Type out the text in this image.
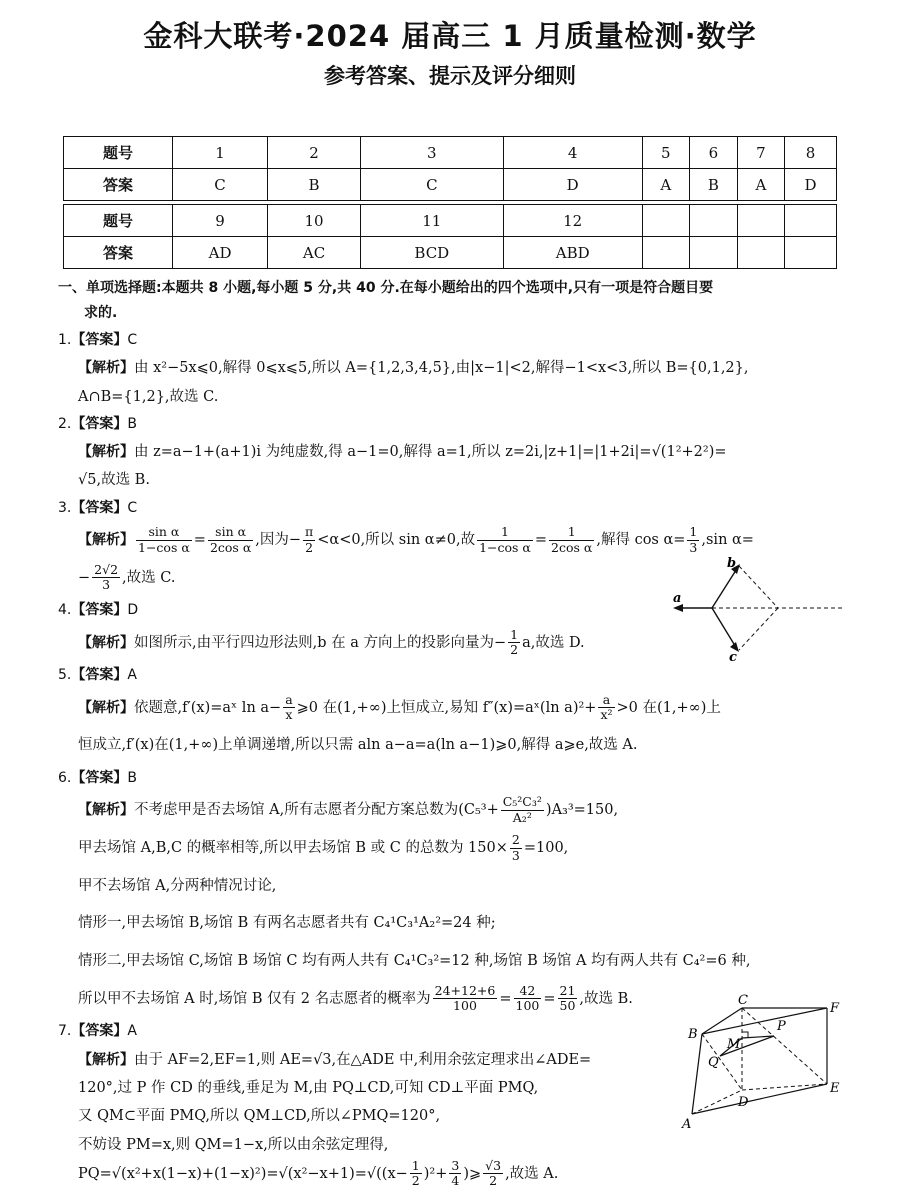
金科大联考·2024 届高三 1 月质量检测·数学
参考答案、提示及评分细则
题号	1	2	3	4	5	6	7	8
答案	C	B	C	D	A	B	A	D

题号	9	10	11	12				
答案	AD	AC	BCD	ABD				
一、单项选择题:本题共 8 小题,每小题 5 分,共 40 分.在每小题给出的四个选项中,只有一项是符合题目要
求的.
1.【答案】C
【解析】由 x²−5x⩽0,解得 0⩽x⩽5,所以 A={1,2,3,4,5},由|x−1|<2,解得−1<x<3,所以 B={0,1,2},
A∩B={1,2},故选 C.
2.【答案】B
【解析】由 z=a−1+(a+1)i 为纯虚数,得 a−1=0,解得 a=1,所以 z=2i,|z+1|=|1+2i|=√(1²+2²)=
√5,故选 B.
3.【答案】C
【解析】 $\frac{\text{sin α}}{\text{1−cos α}} = \frac{\text{sin α}}{\text{2cos α}}$ ,因为− $\frac{\pi}{2} <\alpha<0$,所以 sin α≠0,故 $\frac{1}{\text{1−cos α}} = \frac{1}{\text{2cos α}}$ ,解得 $\cos \alpha= \frac{1}{3} ,\sin$ α=
− $\frac{2√2}{3}$ ,故选 C.
4.【答案】D
【解析】如图所示,由平行四边形法则,b 在 a 方向上的投影向量为− $\frac{1}{2} a$,故选 D.
5.【答案】A
【解析】依题意,f′(x)=aˣ $\ln a- \frac{a}{x}$ ⩾0 在(1,+∞)上恒成立,易知 f″(x)=aˣ(ln $a)^2+ \frac{a}{\text{x²}} >0$ 在(1,+∞)上
恒成立,f′(x)在(1,+∞)上单调递增,所以只需 aln a−a=a(ln a−1)⩾0,解得 a⩾e,故选 A.
6.【答案】B
【解析】不考虑甲是否去场馆 A,所有志愿者分配方案总数为$(C_5^3+ \frac{\text{C₅²C₃²}}{\text{A₂²}} )A_3^3=150$,
甲去场馆 A,B,C 的概率相等,所以甲去场馆 B 或 C 的总数为 $150\times \frac{2}{3} =100$,
甲不去场馆 A,分两种情况讨论,
情形一,甲去场馆 B,场馆 B 有两名志愿者共有 C₄¹C₃¹A₂²=24 种;
情形二,甲去场馆 C,场馆 B 场馆 C 均有两人共有 C₄¹C₃²=12 种,场馆 B 场馆 A 均有两人共有 C₄²=6 种,
所以甲不去场馆 A 时,场馆 B 仅有 2 名志愿者的概率为 $\frac{24+12+6}{100} = \frac{42}{100} = \frac{21}{50}$ ,故选 B.
7.【答案】A
【解析】由于 AF=2,EF=1,则 AE=√3,在△ADE 中,利用余弦定理求出∠ADE=
120°,过 P 作 CD 的垂线,垂足为 M,由 PQ⊥CD,可知 CD⊥平面 PMQ,
又 QM⊂平面 PMQ,所以 QM⊥CD,所以∠PMQ=120°,
不妨设 PM=x,则 QM=1−x,所以由余弦定理得,
$PQ=√(x^2+x(1-x)+(1-x)^2)=√(x^2-x+1)=√((x- \frac{1}{2} )^2+ \frac{3}{4}$ )⩾ $\frac{√3}{2}$ ,故选 A.
a
b
c
C
F
B
P
M
Q
E
D
A
